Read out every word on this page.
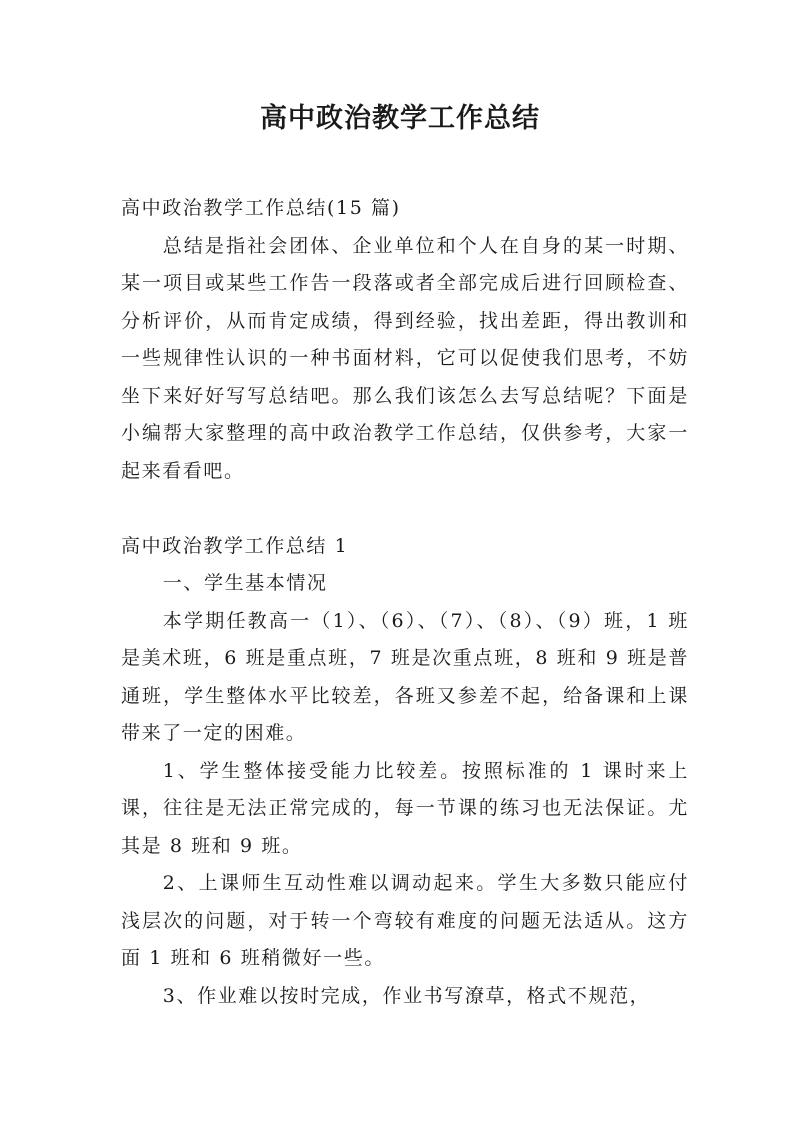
高中政治教学工作总结

高中政治教学工作总结(15 篇)

总结是指社会团体、企业单位和个人在自身的某一时期、某一项目或某些工作告一段落或者全部完成后进行回顾检查、分析评价，从而肯定成绩，得到经验，找出差距，得出教训和一些规律性认识的一种书面材料，它可以促使我们思考，不妨坐下来好好写写总结吧。那么我们该怎么去写总结呢？下面是小编帮大家整理的高中政治教学工作总结，仅供参考，大家一起来看看吧。

高中政治教学工作总结 1

一、学生基本情况

本学期任教高一（1）、（6）、（7）、（8）、（9）班，1 班是美术班，6 班是重点班，7 班是次重点班，8 班和 9 班是普通班，学生整体水平比较差，各班又参差不起，给备课和上课带来了一定的困难。

1、学生整体接受能力比较差。按照标准的 1 课时来上课，往往是无法正常完成的，每一节课的练习也无法保证。尤其是 8 班和 9 班。

2、上课师生互动性难以调动起来。学生大多数只能应付浅层次的问题，对于转一个弯较有难度的问题无法适从。这方面 1 班和 6 班稍微好一些。

3、作业难以按时完成，作业书写潦草，格式不规范，
